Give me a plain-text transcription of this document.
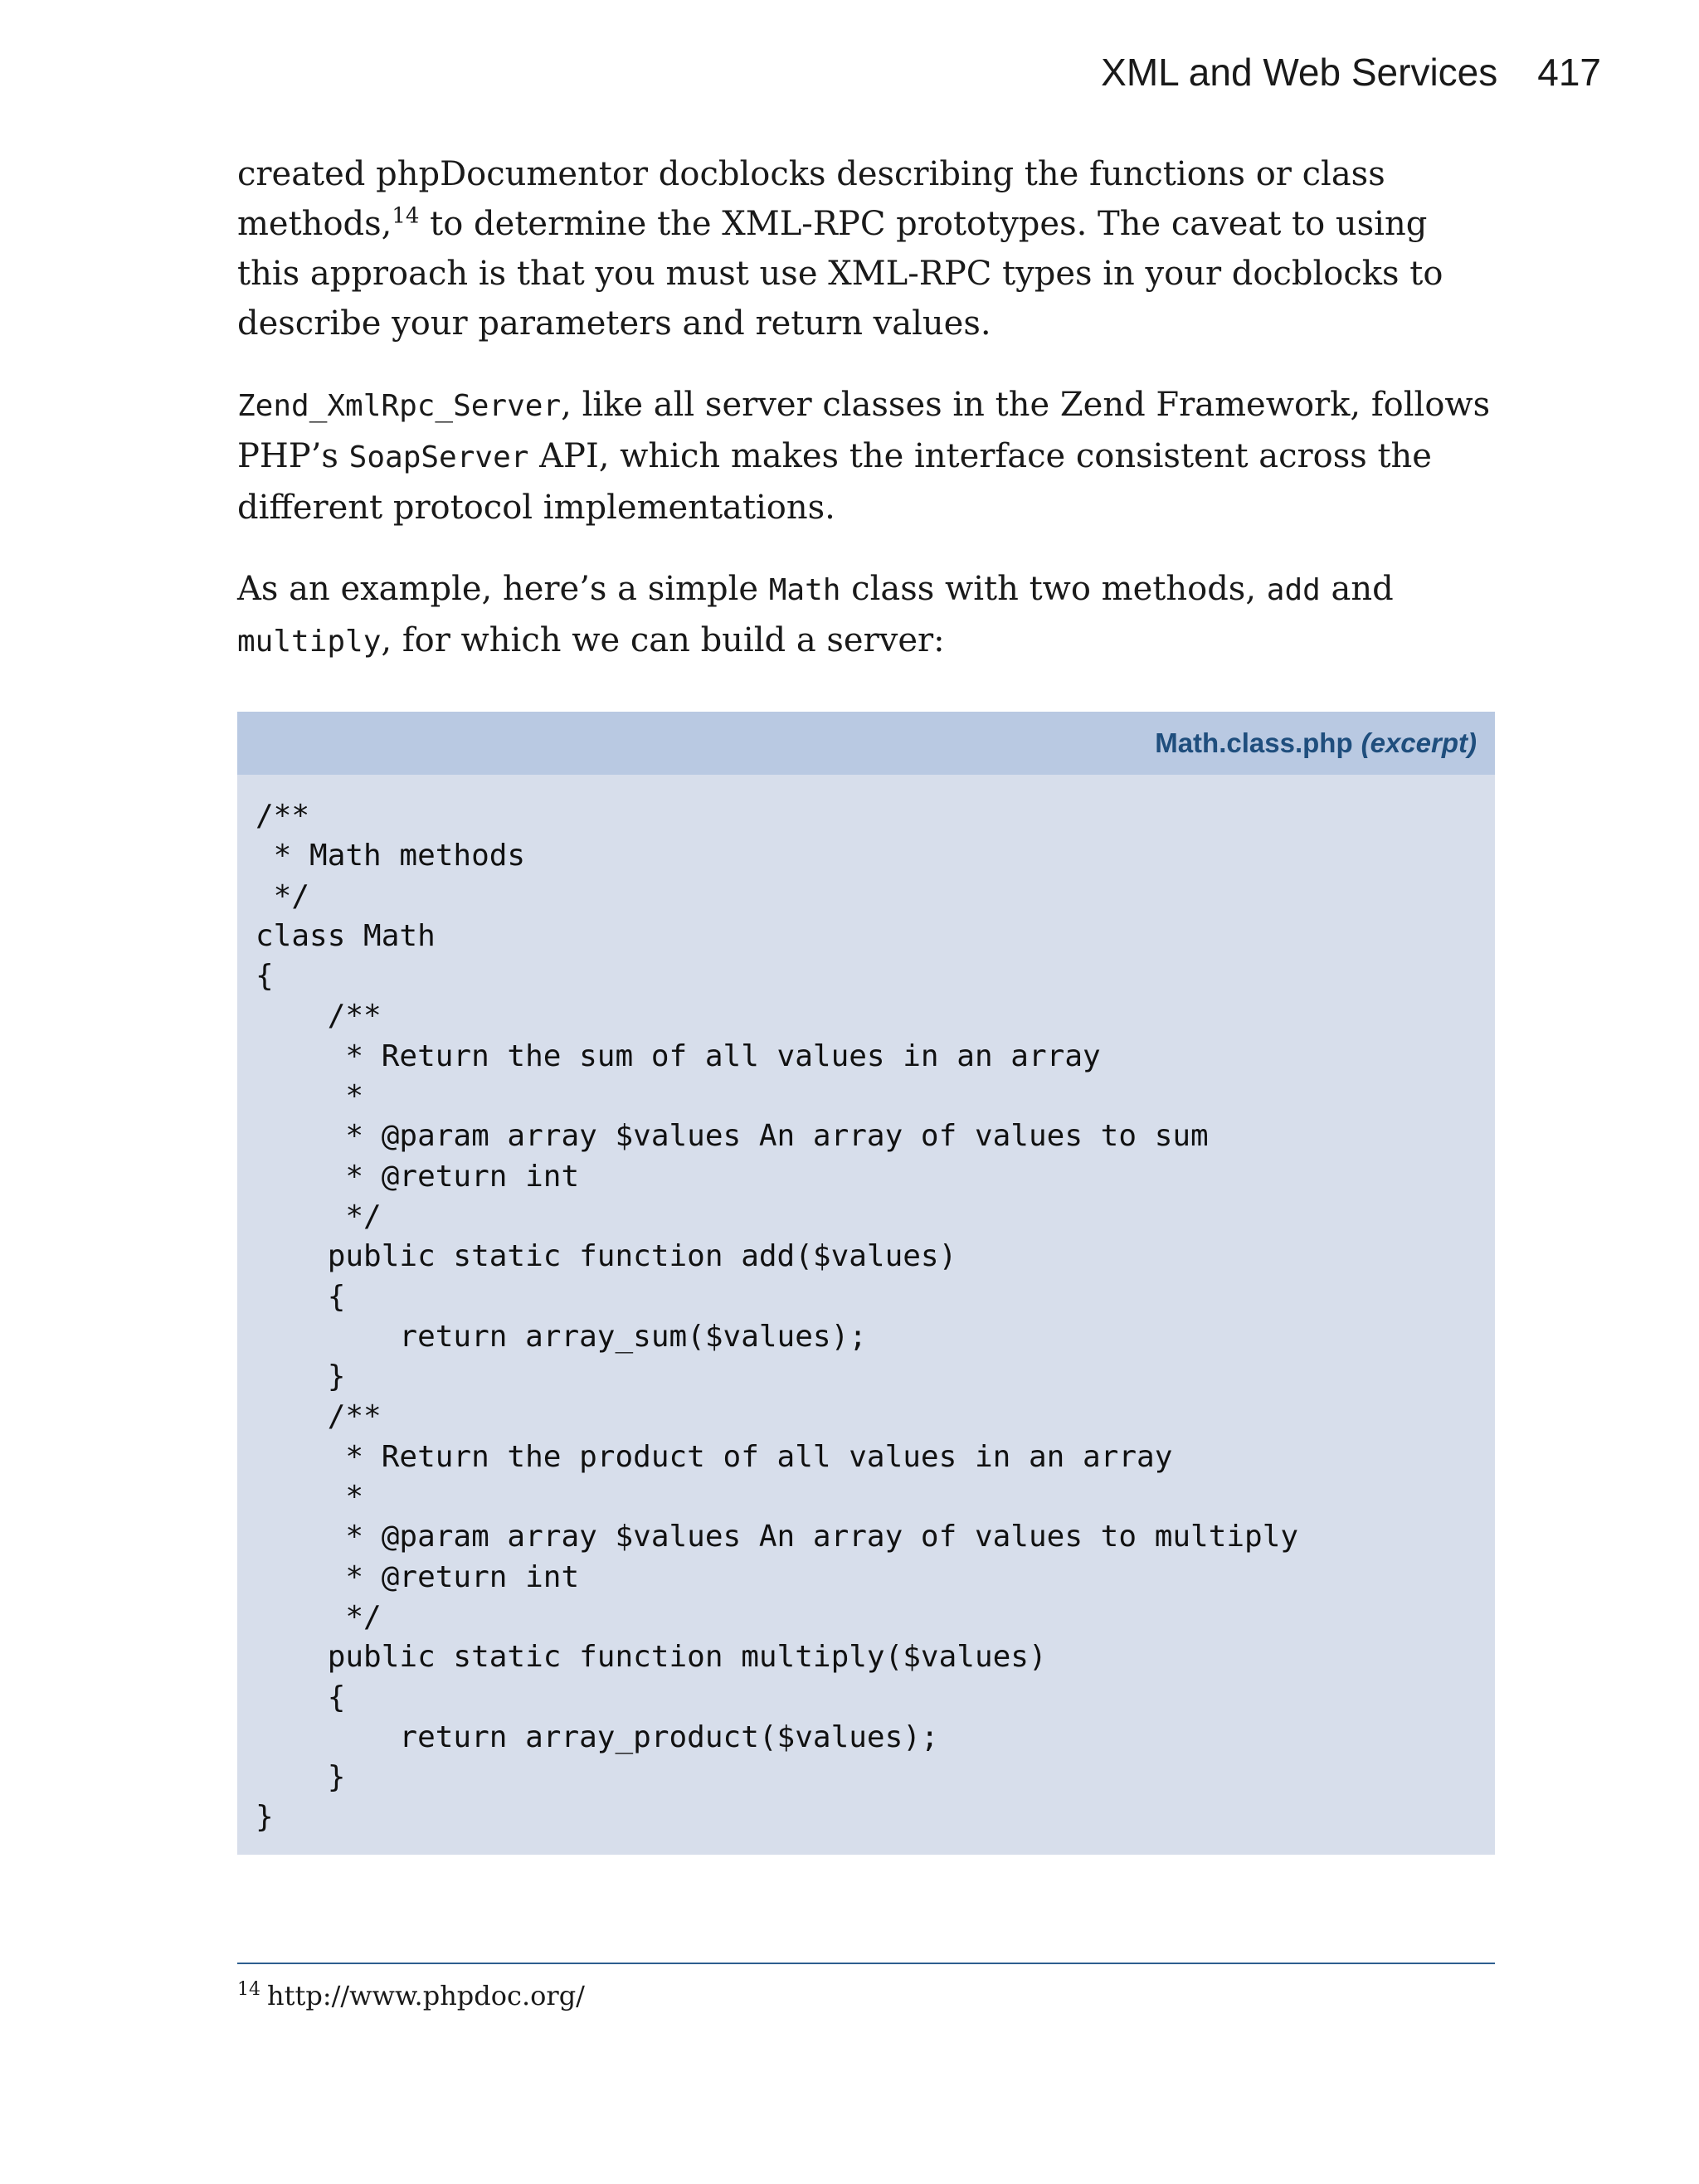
XML and Web Services 417

created phpDocumentor docblocks describing the functions or class methods,$^{14}$ to determine the XML-RPC prototypes. The caveat to using this approach is that you must use XML-RPC types in your docblocks to describe your parameters and return values.

Zend_XmlRpc_Server, like all server classes in the Zend Framework, follows PHP’s SoapServer API, which makes the interface consistent across the different protocol implementations.

As an example, here’s a simple Math class with two methods, add and multiply, for which we can build a server:

Math.class.php (excerpt)
/**
* Math methods
*/
class Math
{
/**
* Return the sum of all values in an array
*
* @param array $values An array of values to sum
* @return int
*/
public static function add($values)
{
return array_sum($values);
}
/**
* Return the product of all values in an array
*
* @param array $values An array of values to multiply
* @return int
*/
public static function multiply($values)
{
return array_product($values);
}
}
$^{14}$ http://www.phpdoc.org/
